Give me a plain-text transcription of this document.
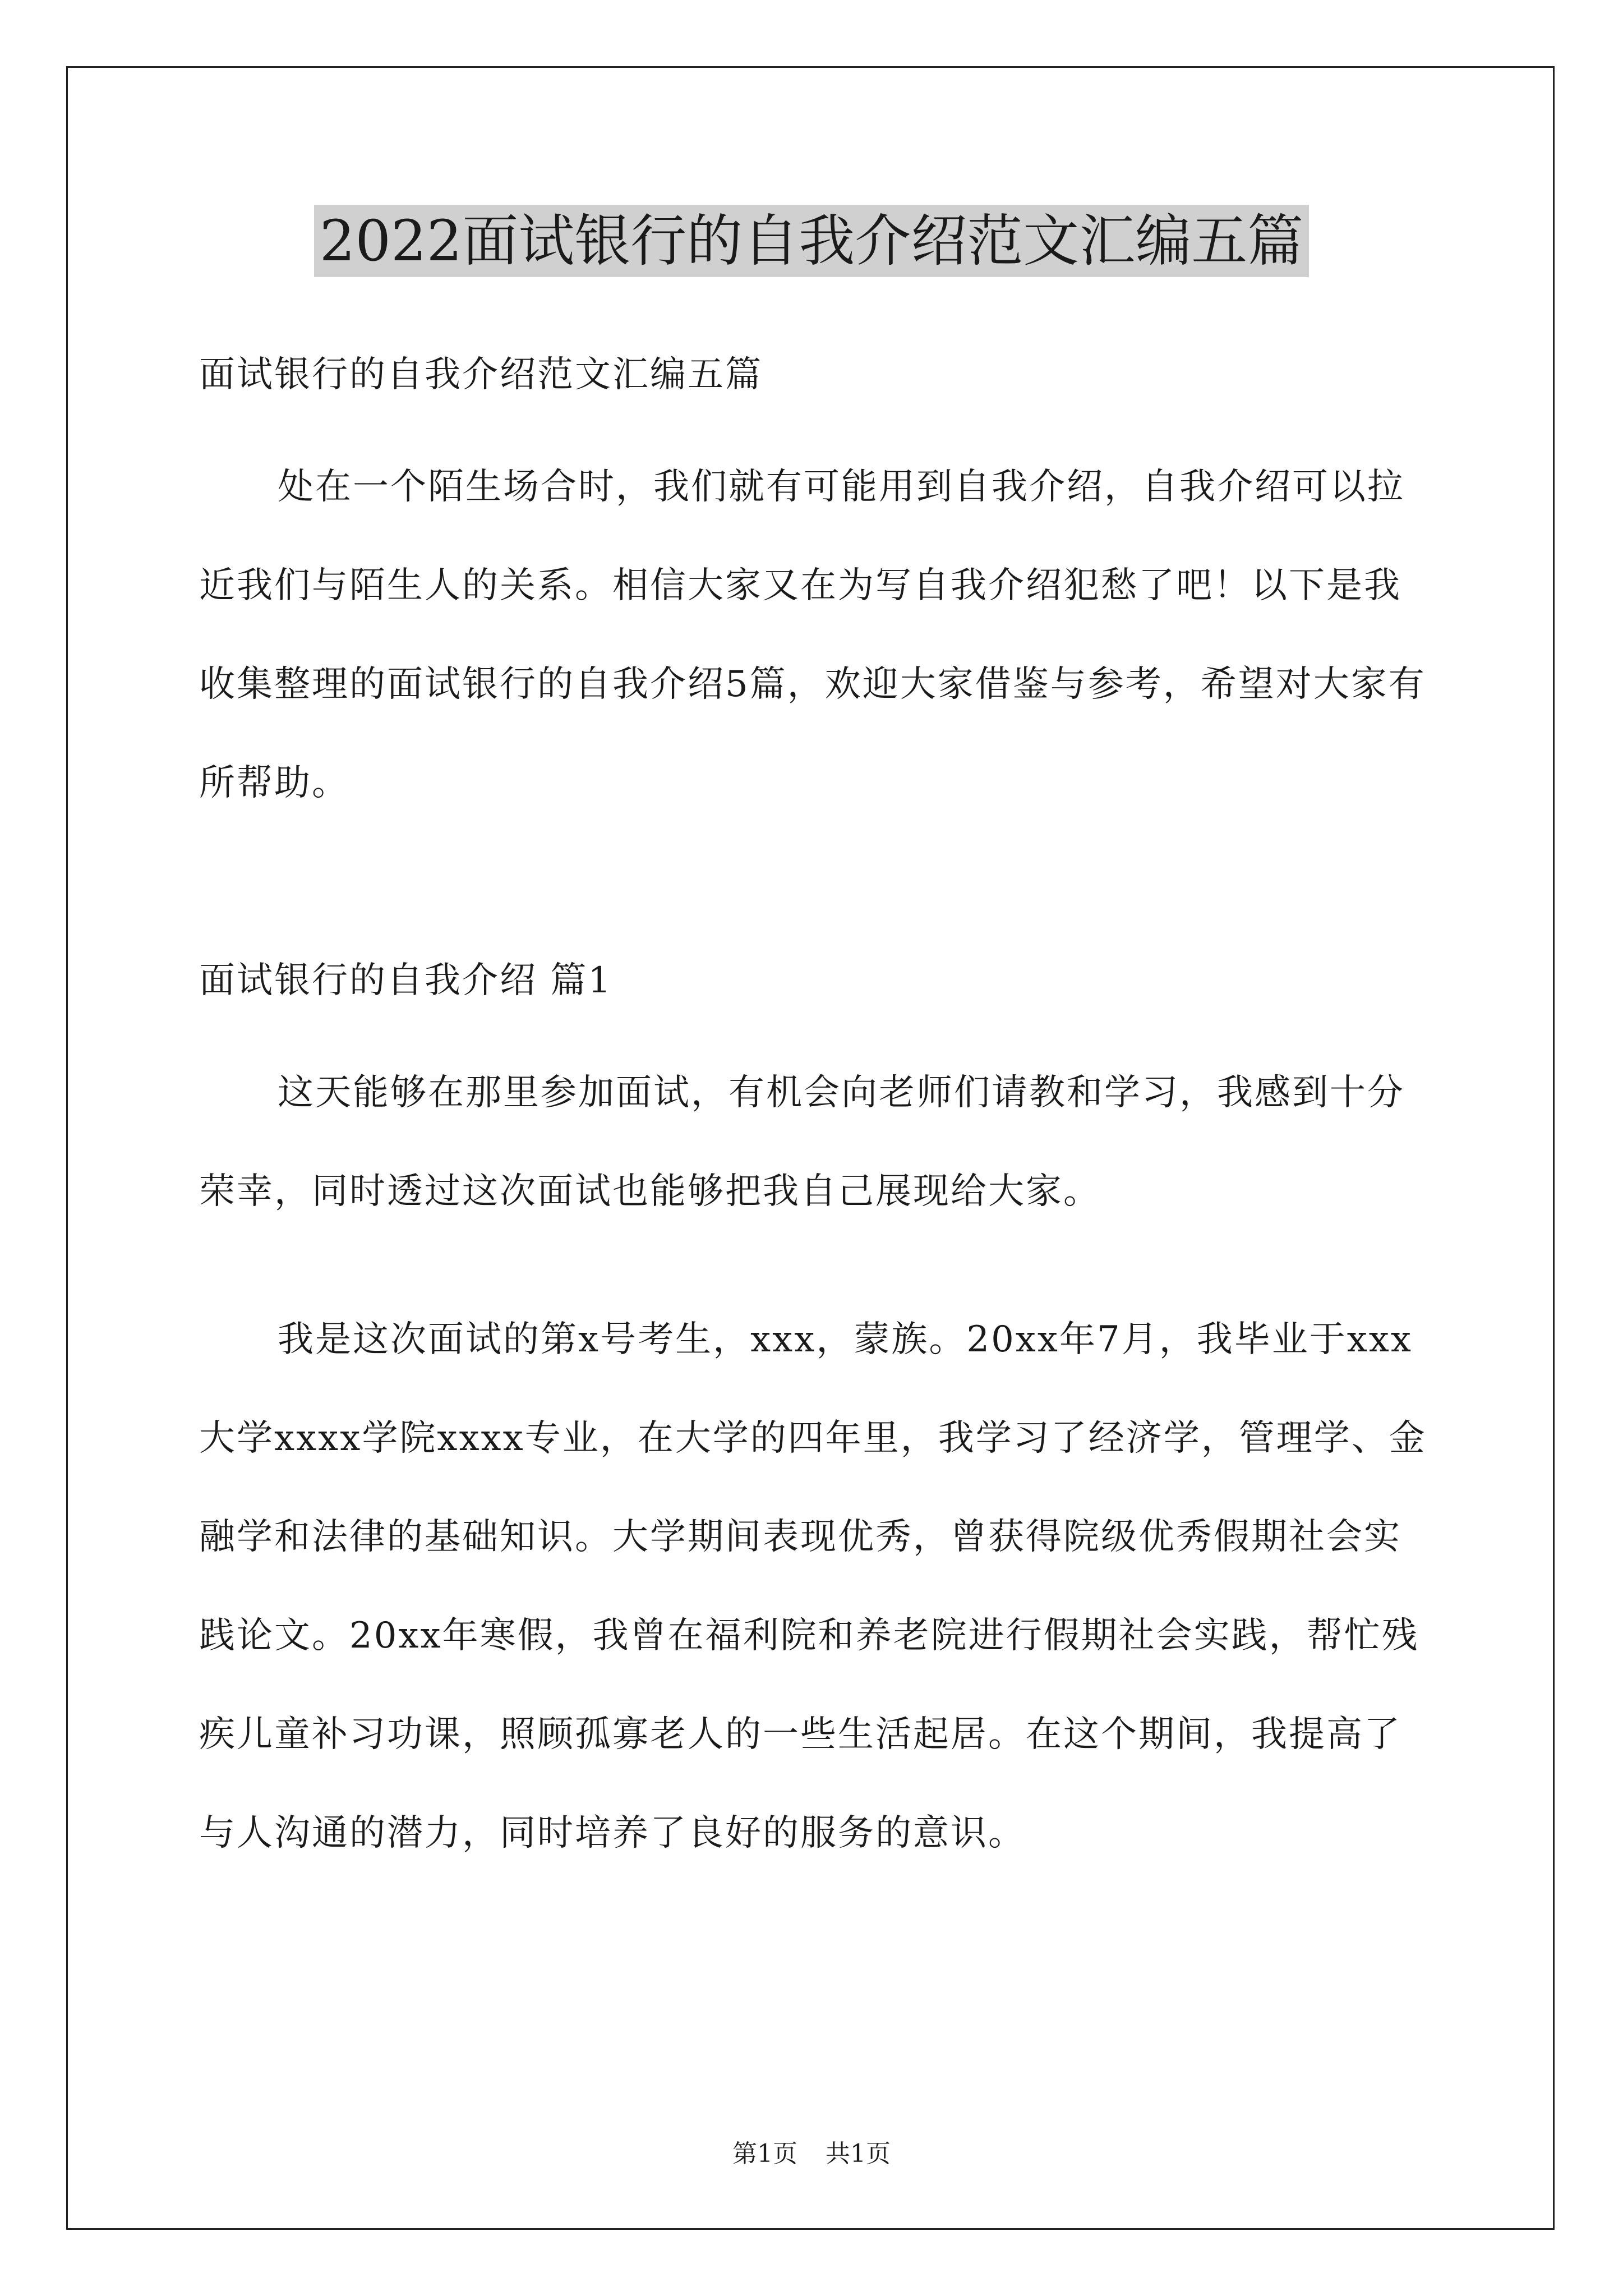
2022面试银行的自我介绍范文汇编五篇

面试银行的自我介绍范文汇编五篇

处在一个陌生场合时，我们就有可能用到自我介绍，自我介绍可以拉近我们与陌生人的关系。相信大家又在为写自我介绍犯愁了吧！以下是我收集整理的面试银行的自我介绍5篇，欢迎大家借鉴与参考，希望对大家有所帮助。

面试银行的自我介绍 篇1

这天能够在那里参加面试，有机会向老师们请教和学习，我感到十分荣幸，同时透过这次面试也能够把我自己展现给大家。

我是这次面试的第x号考生，xxx，蒙族。20xx年7月，我毕业于xxx大学xxxx学院xxxx专业，在大学的四年里，我学习了经济学，管理学、金融学和法律的基础知识。大学期间表现优秀，曾获得院级优秀假期社会实践论文。20xx年寒假，我曾在福利院和养老院进行假期社会实践，帮忙残疾儿童补习功课，照顾孤寡老人的一些生活起居。在这个期间，我提高了与人沟通的潜力，同时培养了良好的服务的意识。

第1页 共1页
